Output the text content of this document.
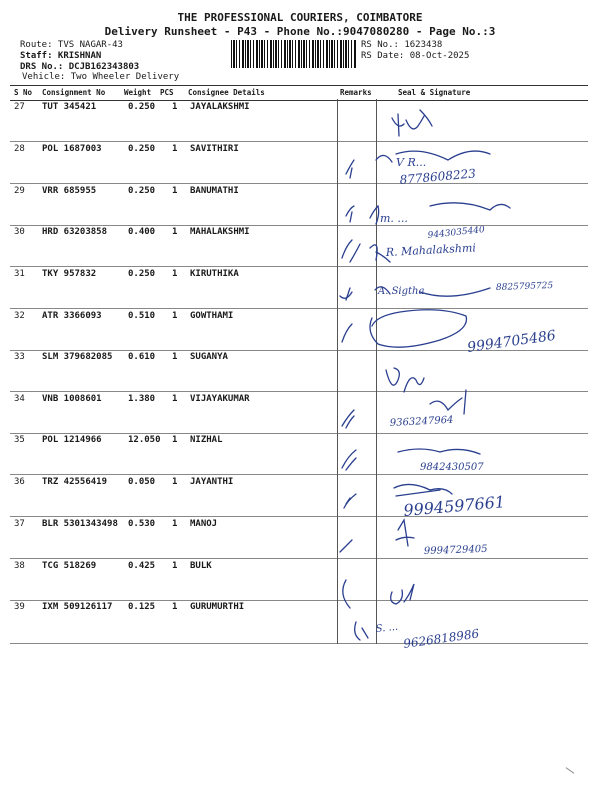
THE PROFESSIONAL COURIERS, COIMBATORE
Delivery Runsheet - P43 - Phone No.:9047080280 - Page No.:3
Route: TVS NAGAR-43
Staff: KRISHNAN
DRS No.: DCJB162343803
Vehicle: Two Wheeler Delivery
RS No.: 1623438
RS Date: 08-Oct-2025
S No Consignment No	Weight PCS Consignee Details	Remarks	Seal & Signature
27 TUT 345421	0.250 1 JAYALAKSHMI
28 POL 1687003	0.250 1 SAVITHIRI
29 VRR 685955	0.250 1 BANUMATHI
30 HRD 63203858 0.400 1 MAHALAKSHMI
31 TKY 957832	0.250 1 KIRUTHIKA
32 ATR 3366093	0.510 1 GOWTHAMI
33 SLM 379682085 0.610 1 SUGANYA
34 VNB 1008601	1.380 1 VIJAYAKUMAR
35 POL 1214966	12.050 1 NIZHAL
36 TRZ 42556419 0.050 1 JAYANTHI
37 BLR 5301343498 0.530 1 MANOJ
38 TCG 518269	0.425 1 BULK
39 IXM 509126117 0.125 1 GURUMURTHI
V R...
8778608223
m. ...
9443035440
R. Mahalakshmi
A. Sigtha	8825795725
9994705486
9363247964
9842430507
9994597661
9994729405
S. ... 9626818986
